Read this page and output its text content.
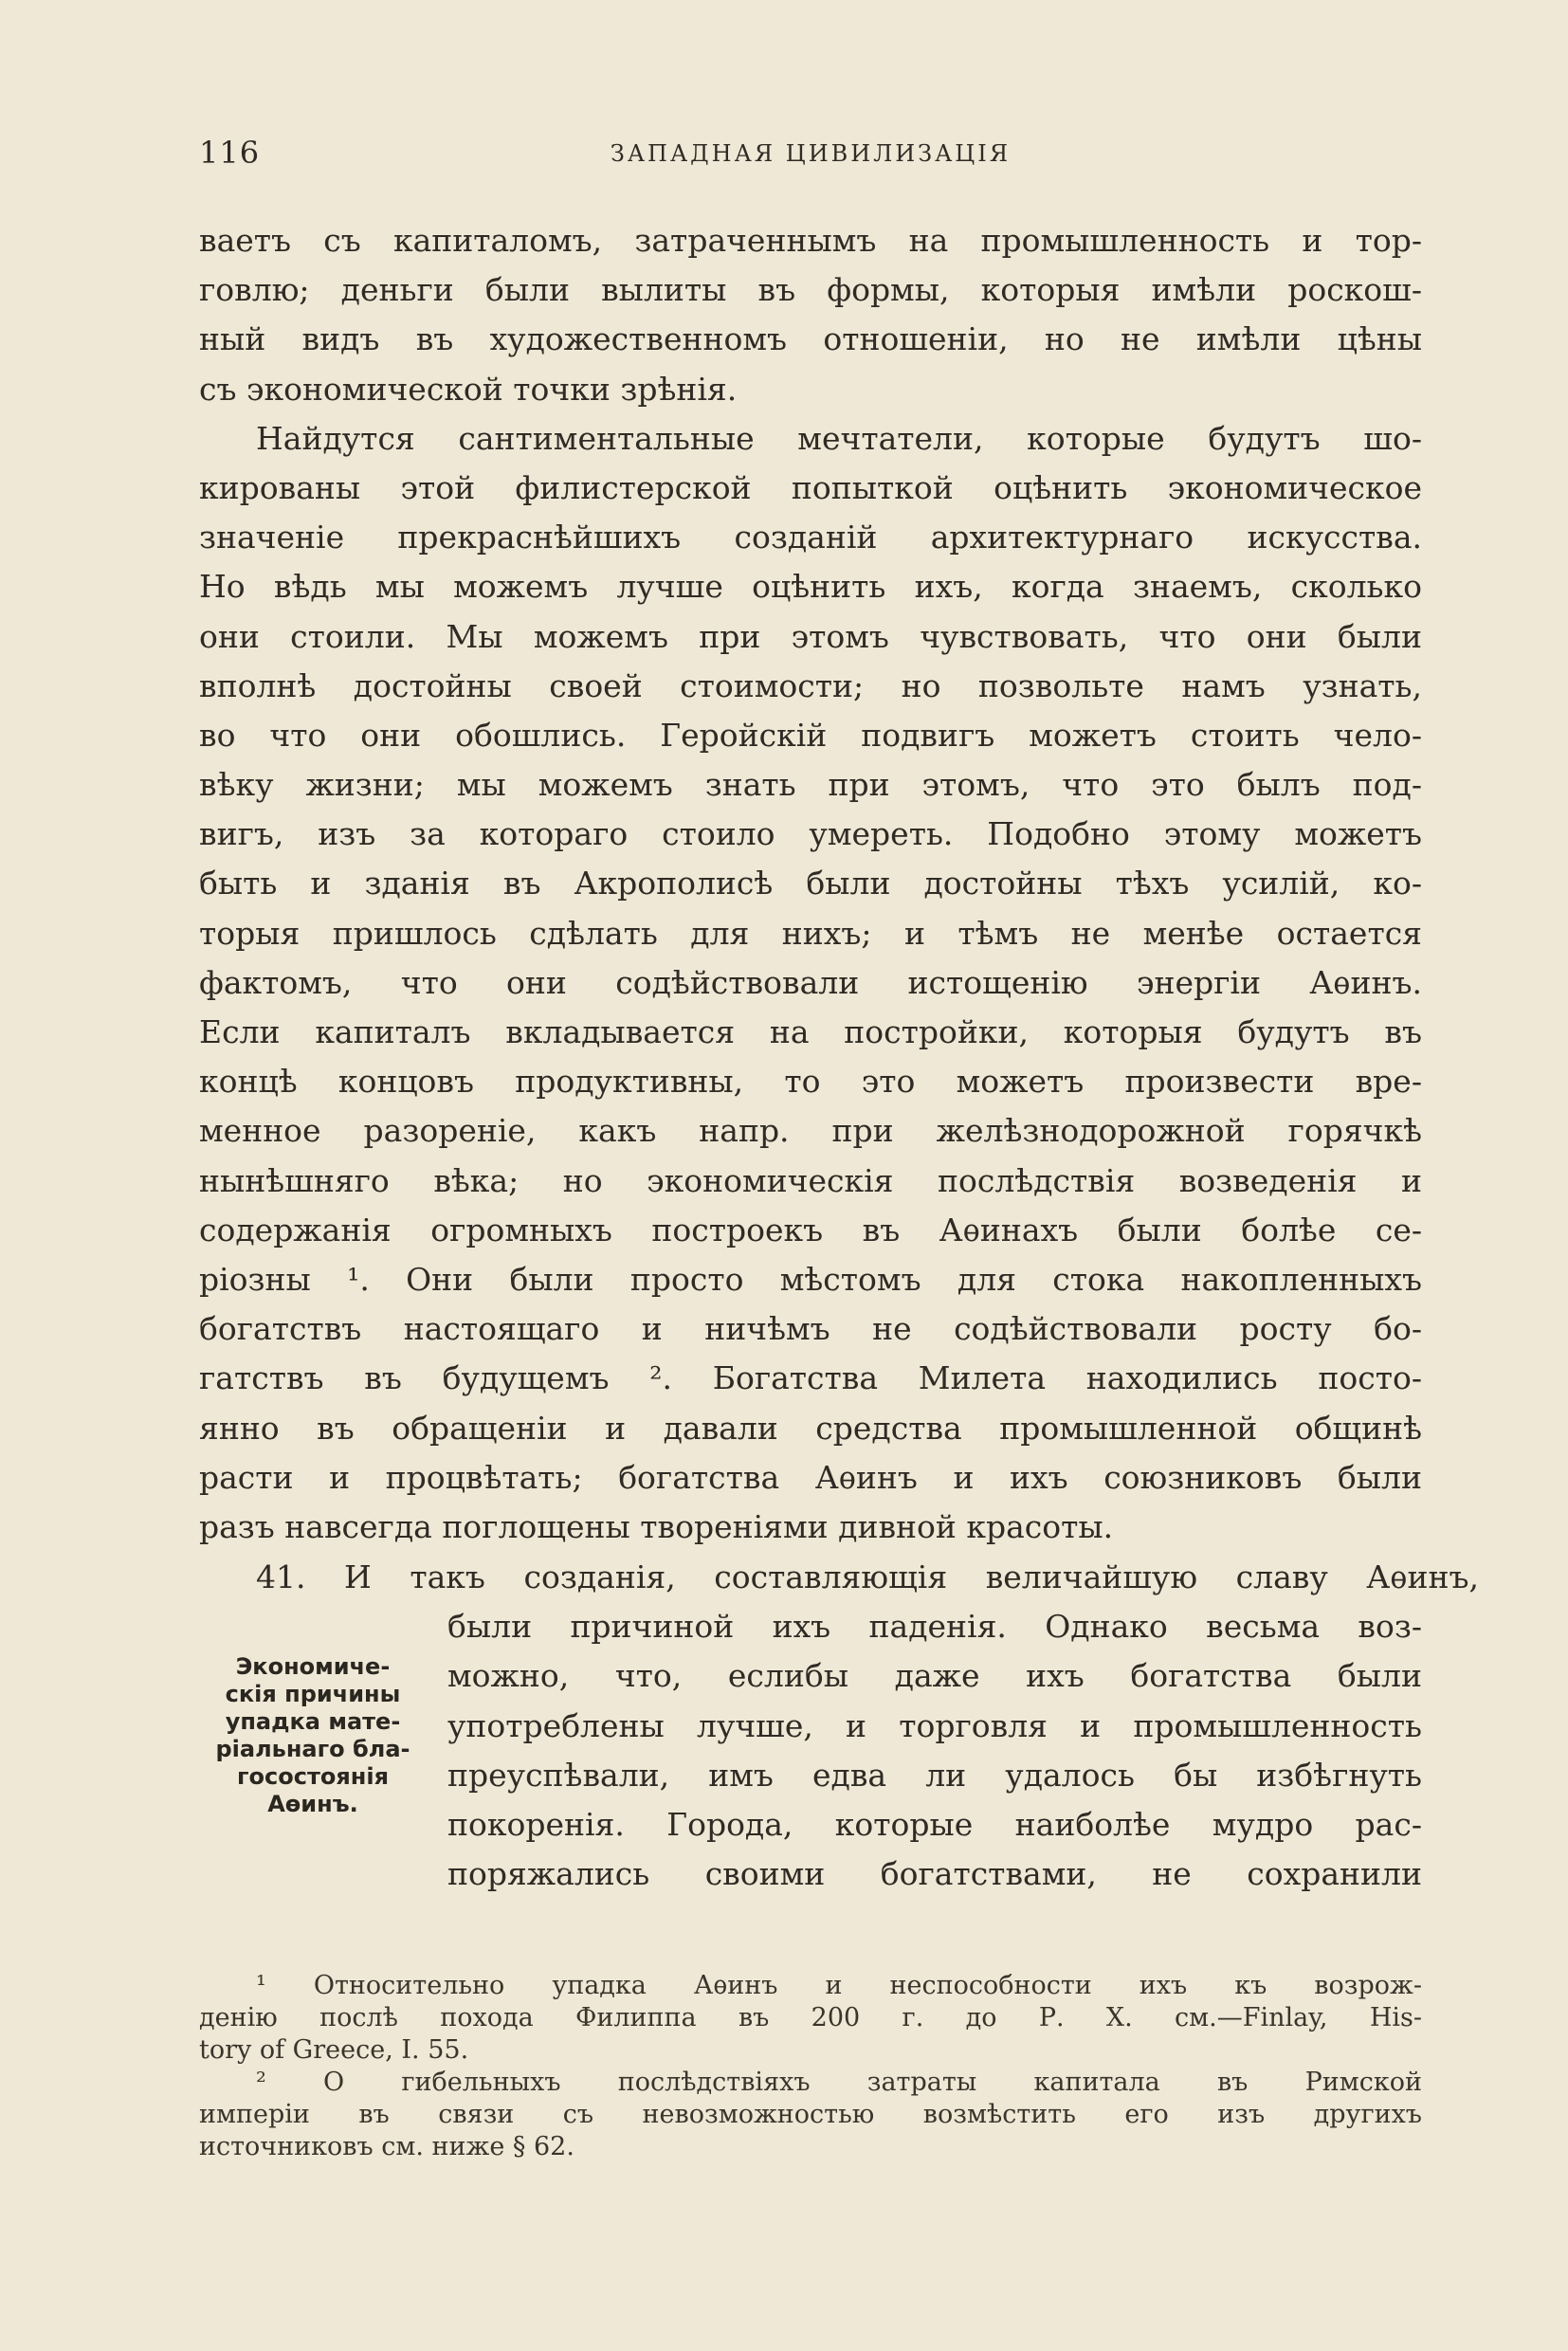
116	ЗАПАДНАЯ ЦИВИЛИЗАЦІЯ
ваетъ съ капиталомъ, затраченнымъ на промышленность и тор-
говлю; деньги были вылиты въ формы, которыя имѣли роскош-
ный видъ въ художественномъ отношеніи, но не имѣли цѣны
съ экономической точки зрѣнія.
Найдутся сантиментальные мечтатели, которые будутъ шо-
кированы этой филистерской попыткой оцѣнить экономическое
значеніе прекраснѣйшихъ созданій архитектурнаго искусства.
Но вѣдь мы можемъ лучше оцѣнить ихъ, когда знаемъ, сколько
они стоили. Мы можемъ при этомъ чувствовать, что они были
вполнѣ достойны своей стоимости; но позвольте намъ узнать,
во что они обошлись. Геройскій подвигъ можетъ стоить чело-
вѣку жизни; мы можемъ знать при этомъ, что это былъ под-
вигъ, изъ за котораго стоило умереть. Подобно этому можетъ
быть и зданія въ Акрополисѣ были достойны тѣхъ усилій, ко-
торыя пришлось сдѣлать для нихъ; и тѣмъ не менѣе остается
фактомъ, что они содѣйствовали истощенію энергіи Аѳинъ.
Если капиталъ вкладывается на постройки, которыя будутъ въ
концѣ концовъ продуктивны, то это можетъ произвести вре-
менное разореніе, какъ напр. при желѣзнодорожной горячкѣ
нынѣшняго вѣка; но экономическія послѣдствія возведенія и
содержанія огромныхъ построекъ въ Аѳинахъ были болѣе се-
ріозны ¹. Они были просто мѣстомъ для стока накопленныхъ
богатствъ настоящаго и ничѣмъ не содѣйствовали росту бо-
гатствъ въ будущемъ ². Богатства Милета находились посто-
янно въ обращеніи и давали средства промышленной общинѣ
расти и процвѣтать; богатства Аѳинъ и ихъ союзниковъ были
разъ навсегда поглощены твореніями дивной красоты.
41. И такъ созданія, составляющія величайшую славу Аѳинъ,
были причиной ихъ паденія. Однако весьма воз-
можно, что, еслибы даже ихъ богатства были
употреблены лучше, и торговля и промышленность
преуспѣвали, имъ едва ли удалось бы избѣгнуть
покоренія. Города, которые наиболѣе мудро рас-
поряжались своими богатствами, не сохранили
Экономиче-
скія причины
упадка мате-
ріальнаго бла-
госостоянія
Аѳинъ.
¹ Относительно упадка Аѳинъ и неспособности ихъ къ возрож-
денію послѣ похода Филиппа въ 200 г. до Р. Х. см.—Finlay, His-
tory of Greece, I. 55.
² О гибельныхъ послѣдствіяхъ затраты капитала въ Римской
имперіи въ связи съ невозможностью возмѣстить его изъ другихъ
источниковъ см. ниже § 62.
